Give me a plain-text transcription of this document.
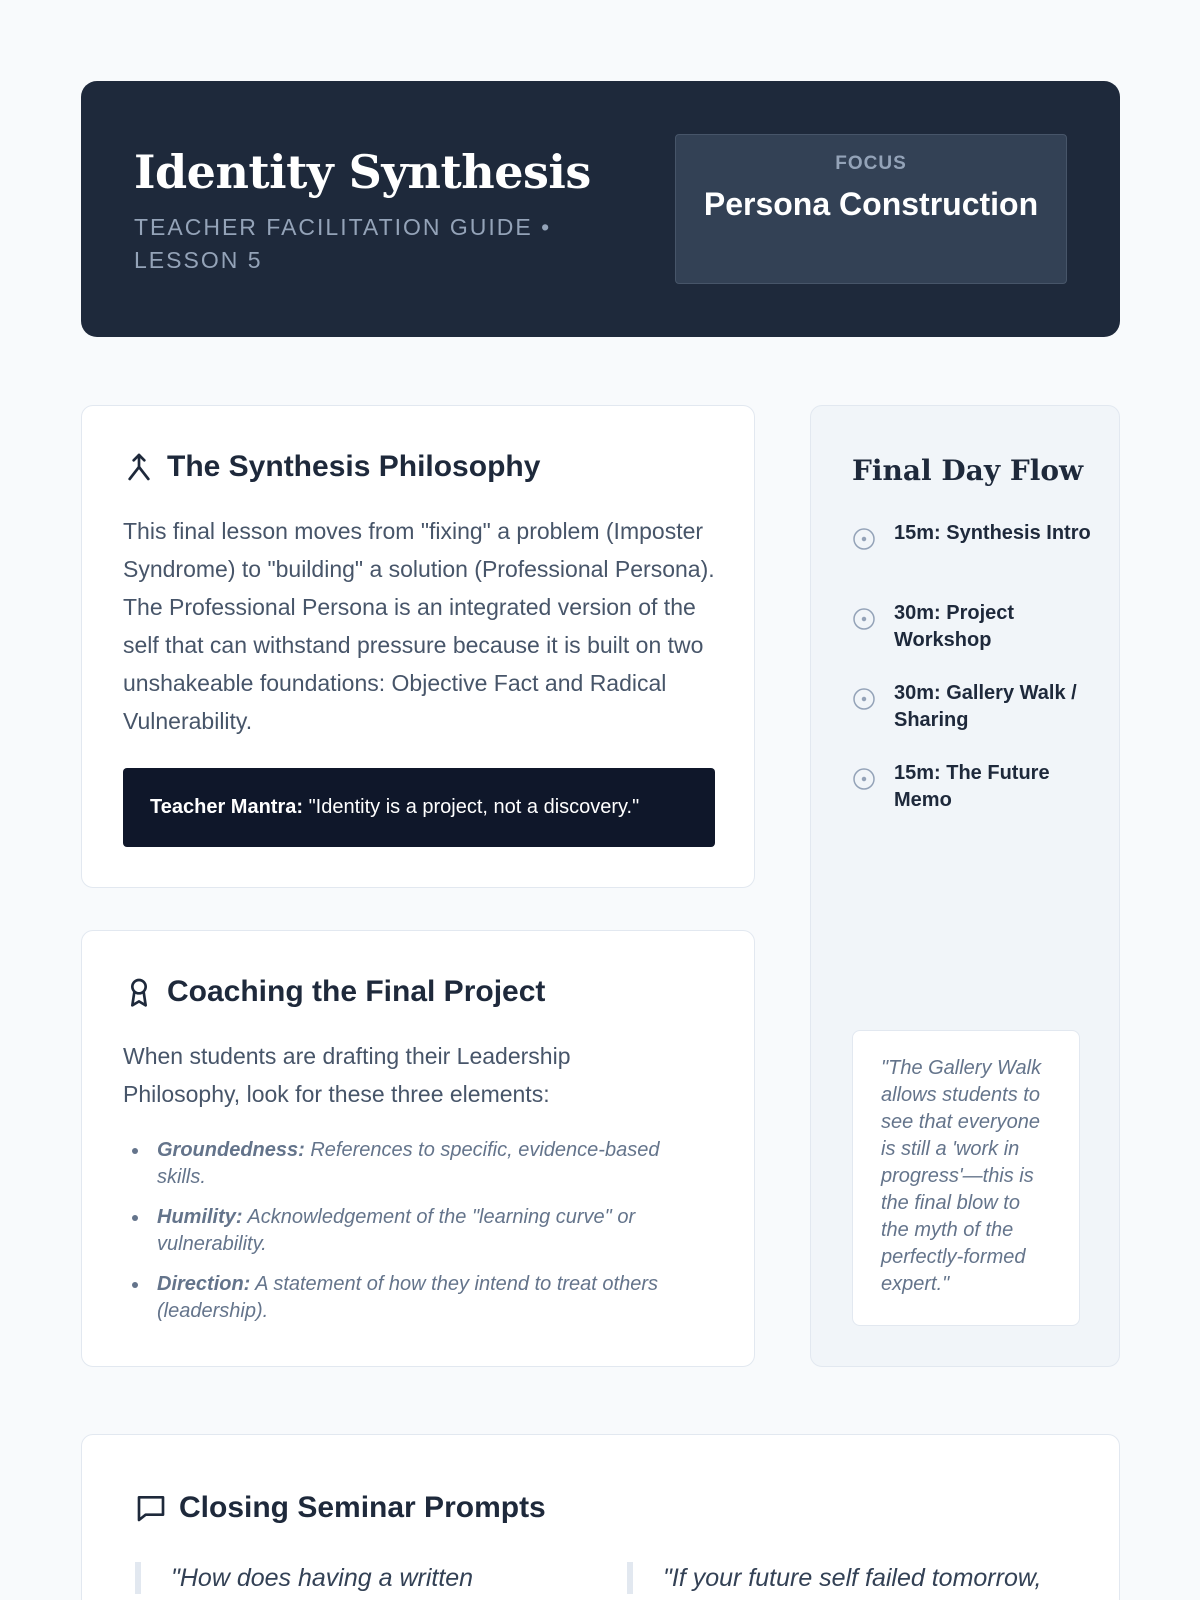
Identity Synthesis
TEACHER FACILITATION GUIDE • LESSON 5
FOCUS
Persona Construction
The Synthesis Philosophy

This final lesson moves from "fixing" a problem (Imposter Syndrome) to "building" a solution (Professional Persona). The Professional Persona is an integrated version of the self that can withstand pressure because it is built on two unshakeable foundations: Objective Fact and Radical Vulnerability.

Teacher Mantra: "Identity is a project, not a discovery."
Coaching the Final Project

When students are drafting their Leadership Philosophy, look for these three elements:

Groundedness: References to specific, evidence-based skills.
Humility: Acknowledgement of the "learning curve" or vulnerability.
Direction: A statement of how they intend to treat others (leadership).
Final Day Flow
15m: Synthesis Intro
30m: Project Workshop
30m: Gallery Walk / Sharing
15m: The Future Memo
"The Gallery Walk allows students to see that everyone is still a 'work in progress'—this is the final blow to the myth of the perfectly-formed expert."
Closing Seminar Prompts
"How does having a written	"If your future self failed tomorrow,
